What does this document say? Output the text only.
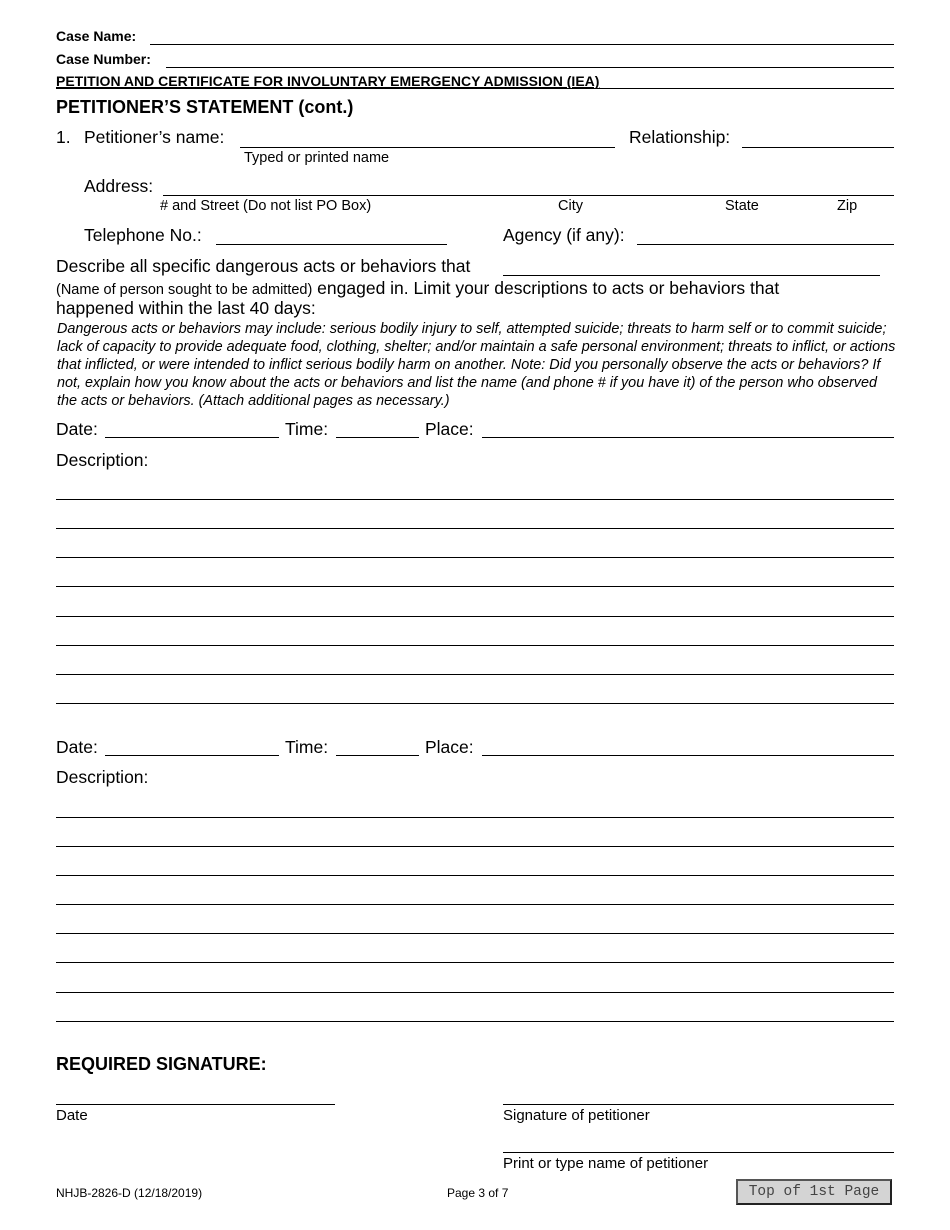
Case Name:
Case Number:
PETITION AND CERTIFICATE FOR INVOLUNTARY EMERGENCY ADMISSION (IEA)
PETITIONER’S STATEMENT (cont.)
1. Petitioner’s name:
Typed or printed name
Relationship:
Address:
# and Street (Do not list PO Box)	City	State	Zip
Telephone No.:	Agency (if any):
Describe all specific dangerous acts or behaviors that
(Name of person sought to be admitted) engaged in. Limit your descriptions to acts or behaviors that
happened within the last 40 days:
Dangerous acts or behaviors may include: serious bodily injury to self, attempted suicide; threats to harm self or to commit suicide; lack of capacity to provide adequate food, clothing, shelter; and/or maintain a safe personal environment; threats to inflict, or actions that inflicted, or were intended to inflict serious bodily harm on another. Note: Did you personally observe the acts or behaviors? If not, explain how you know about the acts or behaviors and list the name (and phone # if you have it) of the person who observed the acts or behaviors. (Attach additional pages as necessary.)
Date:	Time:	Place:
Description:
Date:	Time:	Place:
Description:
REQUIRED SIGNATURE:
Date	Signature of petitioner
Print or type name of petitioner
NHJB-2826-D (12/18/2019)	Page 3 of 7	Top of 1st Page
